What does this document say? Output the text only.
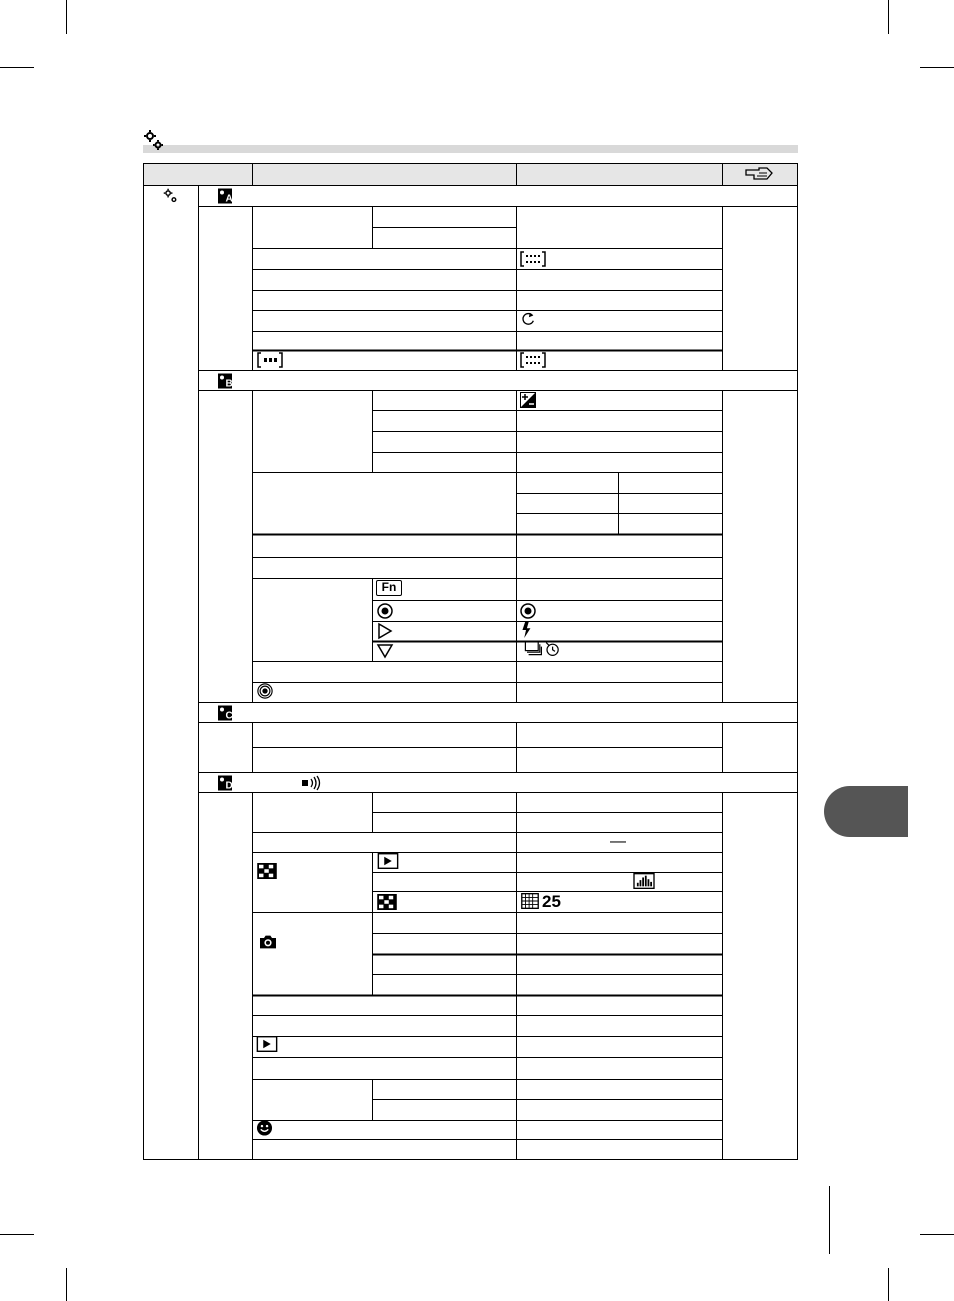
A
B
C
D
Fn
—
25
